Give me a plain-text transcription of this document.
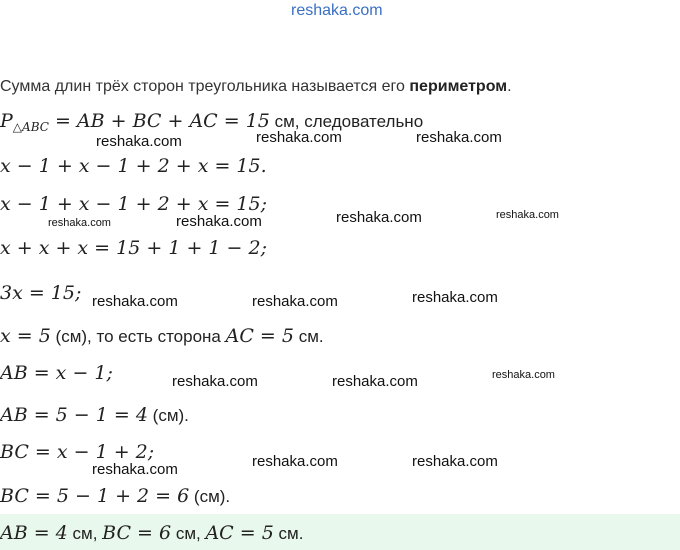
reshaka.com
Сумма длин трёх сторон треугольника называется его периметром.
$P_{\triangle ABC}$ = AB + BC + AC = 15 см, следовательно
x − 1 + x − 1 + 2 + x = 15.
x − 1 + x − 1 + 2 + x = 15;
x + x + x = 15 + 1 + 1 − 2;
3x = 15;
x = 5 (см), то есть сторона AC = 5 см.
AB = x − 1;
AB = 5 − 1 = 4 (см).
BC = x − 1 + 2;
BC = 5 − 1 + 2 = 6 (см).
AB = 4 см, BC = 6 см, AC = 5 см.
reshaka.com	reshaka.com
reshaka.com
reshaka.com	reshaka.com	reshaka.com	reshaka.com
reshaka.com	reshaka.com	reshaka.com
reshaka.com	reshaka.com	reshaka.com
reshaka.com	reshaka.com	reshaka.com
